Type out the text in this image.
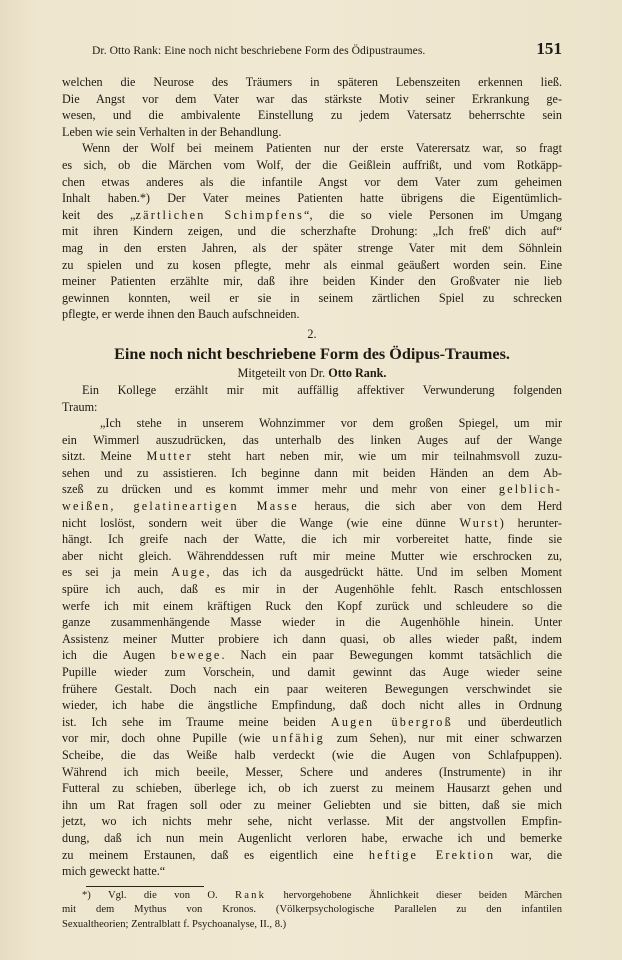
Dr. Otto Rank: Eine noch nicht beschriebene Form des Ödipustraumes.	151
welchen die Neurose des Träumers in späteren Lebenszeiten erkennen ließ.
Die Angst vor dem Vater war das stärkste Motiv seiner Erkrankung ge-
wesen, und die ambivalente Einstellung zu jedem Vatersatz beherrschte sein
Leben wie sein Verhalten in der Behandlung.
Wenn der Wolf bei meinem Patienten nur der erste Vaterersatz war, so fragt
es sich, ob die Märchen vom Wolf, der die Geißlein auffrißt, und vom Rotkäpp-
chen etwas anderes als die infantile Angst vor dem Vater zum geheimen
Inhalt haben.*) Der Vater meines Patienten hatte übrigens die Eigentümlich-
keit des „zärtlichen Schimpfens“, die so viele Personen im Umgang
mit ihren Kindern zeigen, und die scherzhafte Drohung: „Ich freß' dich auf“
mag in den ersten Jahren, als der später strenge Vater mit dem Söhnlein
zu spielen und zu kosen pflegte, mehr als einmal geäußert worden sein. Eine
meiner Patienten erzählte mir, daß ihre beiden Kinder den Großvater nie lieb
gewinnen konnten, weil er sie in seinem zärtlichen Spiel zu schrecken
pflegte, er werde ihnen den Bauch aufschneiden.
2.
Eine noch nicht beschriebene Form des Ödipus-Traumes.
Mitgeteilt von Dr. Otto Rank.
Ein Kollege erzählt mir mit auffällig affektiver Verwunderung folgenden
Traum:
„Ich stehe in unserem Wohnzimmer vor dem großen Spiegel, um mir
ein Wimmerl auszudrücken, das unterhalb des linken Auges auf der Wange
sitzt. Meine Mutter steht hart neben mir, wie um mir teilnahmsvoll zuzu-
sehen und zu assistieren. Ich beginne dann mit beiden Händen an dem Ab-
szeß zu drücken und es kommt immer mehr und mehr von einer gelblich-
weißen, gelatineartigen Masse heraus, die sich aber von dem Herd
nicht loslöst, sondern weit über die Wange (wie eine dünne Wurst) herunter-
hängt. Ich greife nach der Watte, die ich mir vorbereitet hatte, finde sie
aber nicht gleich. Währenddessen ruft mir meine Mutter wie erschrocken zu,
es sei ja mein Auge, das ich da ausgedrückt hätte. Und im selben Moment
spüre ich auch, daß es mir in der Augenhöhle fehlt. Rasch entschlossen
werfe ich mit einem kräftigen Ruck den Kopf zurück und schleudere so die
ganze zusammenhängende Masse wieder in die Augenhöhle hinein. Unter
Assistenz meiner Mutter probiere ich dann quasi, ob alles wieder paßt, indem
ich die Augen bewege. Nach ein paar Bewegungen kommt tatsächlich die
Pupille wieder zum Vorschein, und damit gewinnt das Auge wieder seine
frühere Gestalt. Doch nach ein paar weiteren Bewegungen verschwindet sie
wieder, ich habe die ängstliche Empfindung, daß doch nicht alles in Ordnung
ist. Ich sehe im Traume meine beiden Augen übergroß und überdeutlich
vor mir, doch ohne Pupille (wie unfähig zum Sehen), nur mit einer schwarzen
Scheibe, die das Weiße halb verdeckt (wie die Augen von Schlafpuppen).
Während ich mich beeile, Messer, Schere und anderes (Instrumente) in ihr
Futteral zu schieben, überlege ich, ob ich zuerst zu meinem Hausarzt gehen und
ihn um Rat fragen soll oder zu meiner Geliebten und sie bitten, daß sie mich
jetzt, wo ich nichts mehr sehe, nicht verlasse. Mit der angstvollen Empfin-
dung, daß ich nun mein Augenlicht verloren habe, erwache ich und bemerke
zu meinem Erstaunen, daß es eigentlich eine heftige Erektion war, die
mich geweckt hatte.“
*) Vgl. die von O. Rank hervorgehobene Ähnlichkeit dieser beiden Märchen
mit dem Mythus von Kronos. (Völkerpsychologische Parallelen zu den infantilen
Sexualtheorien; Zentralblatt f. Psychoanalyse, II., 8.)
